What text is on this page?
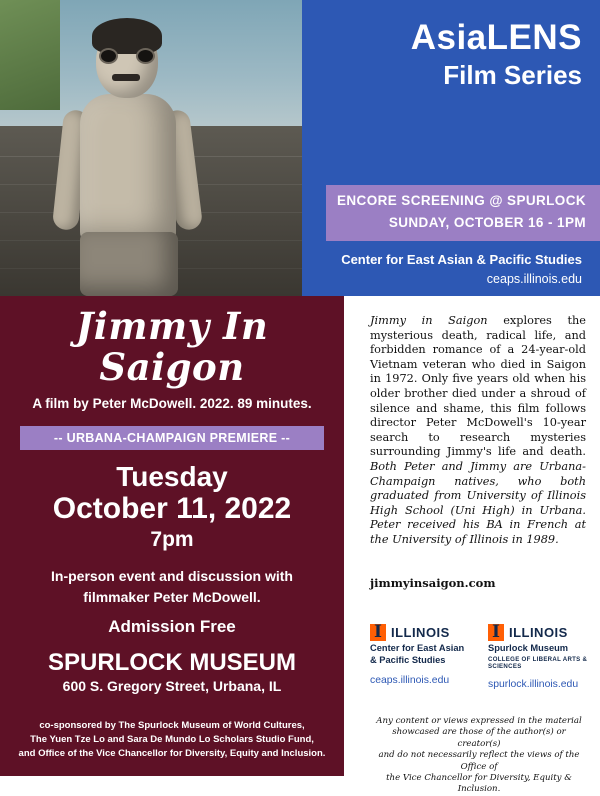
AsiaLENS
Film Series
ENCORE SCREENING @ SPURLOCK
SUNDAY, OCTOBER 16 - 1PM
Center for East Asian & Pacific Studies
ceaps.illinois.edu
Jimmy In
Saigon
A film by Peter McDowell. 2022. 89 minutes.
-- URBANA-CHAMPAIGN PREMIERE --
Tuesday
October 11, 2022
7pm
In-person event and discussion with
filmmaker Peter McDowell.
Admission Free
SPURLOCK MUSEUM
600 S. Gregory Street, Urbana, IL
co-sponsored by The Spurlock Museum of World Cultures,
The Yuen Tze Lo and Sara De Mundo Lo Scholars Studio Fund,
and Office of the Vice Chancellor for Diversity, Equity and Inclusion.
Jimmy in Saigon explores the mysterious death, radical life, and forbidden romance of a 24-year-old Vietnam veteran who died in Saigon in 1972. Only five years old when his older brother died under a shroud of silence and shame, this film follows director Peter McDowell's 10-year search to research mysteries surrounding Jimmy's life and death. Both Peter and Jimmy are Urbana-Champaign natives, who both graduated from University of Illinois High School (Uni High) in Urbana. Peter received his BA in French at the University of Illinois in 1989.
jimmyinsaigon.com
I ILLINOIS
Center for East Asian
& Pacific Studies
ceaps.illinois.edu
I ILLINOIS
Spurlock Museum
COLLEGE OF LIBERAL ARTS & SCIENCES
spurlock.illinois.edu
Any content or views expressed in the material
showcased are those of the author(s) or creator(s)
and do not necessarily reflect the views of the Office of
the Vice Chancellor for Diversity, Equity & Inclusion.
